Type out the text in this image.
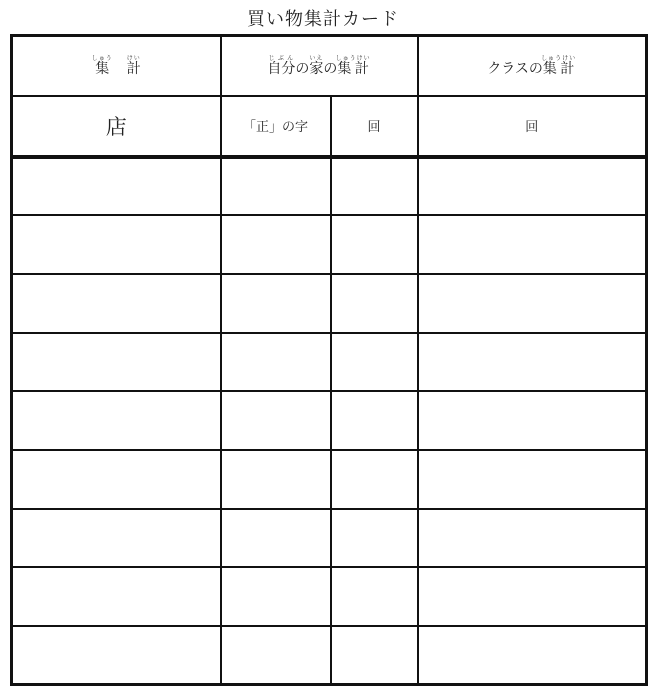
買い物集計カード
集しゅう計けい	自分じぶんの家いえの集計しゅうけい		クラスの集計しゅうけい
店	「正」の字	回	回
